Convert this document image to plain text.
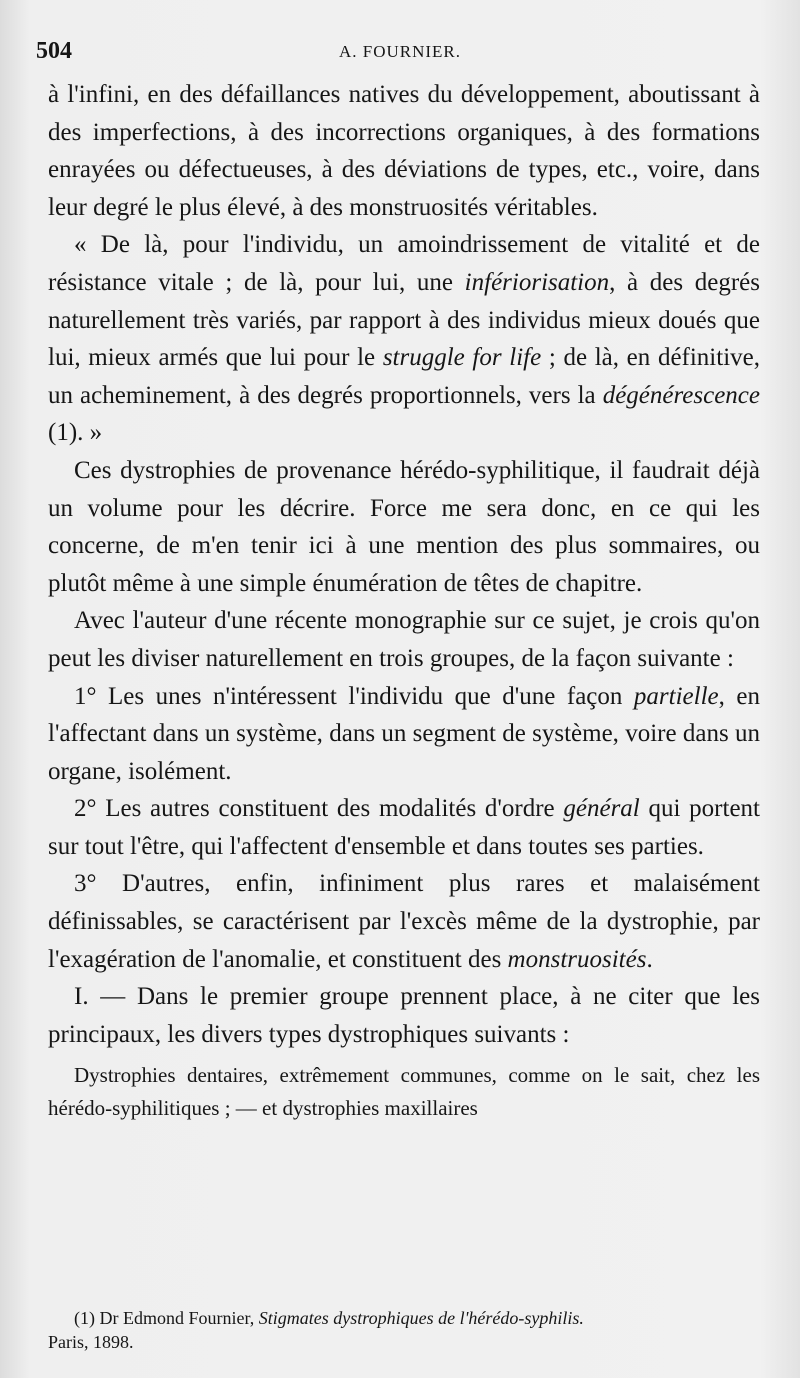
504	A. FOURNIER.

à l'infini, en des défaillances natives du développement, aboutissant à des imperfections, à des incorrections organiques, à des formations enrayées ou défectueuses, à des déviations de types, etc., voire, dans leur degré le plus élevé, à des monstruosités véritables.

« De là, pour l'individu, un amoindrissement de vitalité et de résistance vitale ; de là, pour lui, une infériorisation, à des degrés naturellement très variés, par rapport à des individus mieux doués que lui, mieux armés que lui pour le struggle for life ; de là, en définitive, un acheminement, à des degrés proportionnels, vers la dégénérescence (1). »

Ces dystrophies de provenance hérédo-syphilitique, il faudrait déjà un volume pour les décrire. Force me sera donc, en ce qui les concerne, de m'en tenir ici à une mention des plus sommaires, ou plutôt même à une simple énumération de têtes de chapitre.

Avec l'auteur d'une récente monographie sur ce sujet, je crois qu'on peut les diviser naturellement en trois groupes, de la façon suivante :

1° Les unes n'intéressent l'individu que d'une façon partielle, en l'affectant dans un système, dans un segment de système, voire dans un organe, isolément.

2° Les autres constituent des modalités d'ordre général qui portent sur tout l'être, qui l'affectent d'ensemble et dans toutes ses parties.

3° D'autres, enfin, infiniment plus rares et malaisément définissables, se caractérisent par l'excès même de la dystrophie, par l'exagération de l'anomalie, et constituent des monstruosités.

I. — Dans le premier groupe prennent place, à ne citer que les principaux, les divers types dystrophiques suivants :

Dystrophies dentaires, extrêmement communes, comme on le sait, chez les hérédo-syphilitiques ; — et dystrophies maxillaires

(1) Dr Edmond Fournier, Stigmates dystrophiques de l'hérédo-syphilis.
Paris, 1898.
